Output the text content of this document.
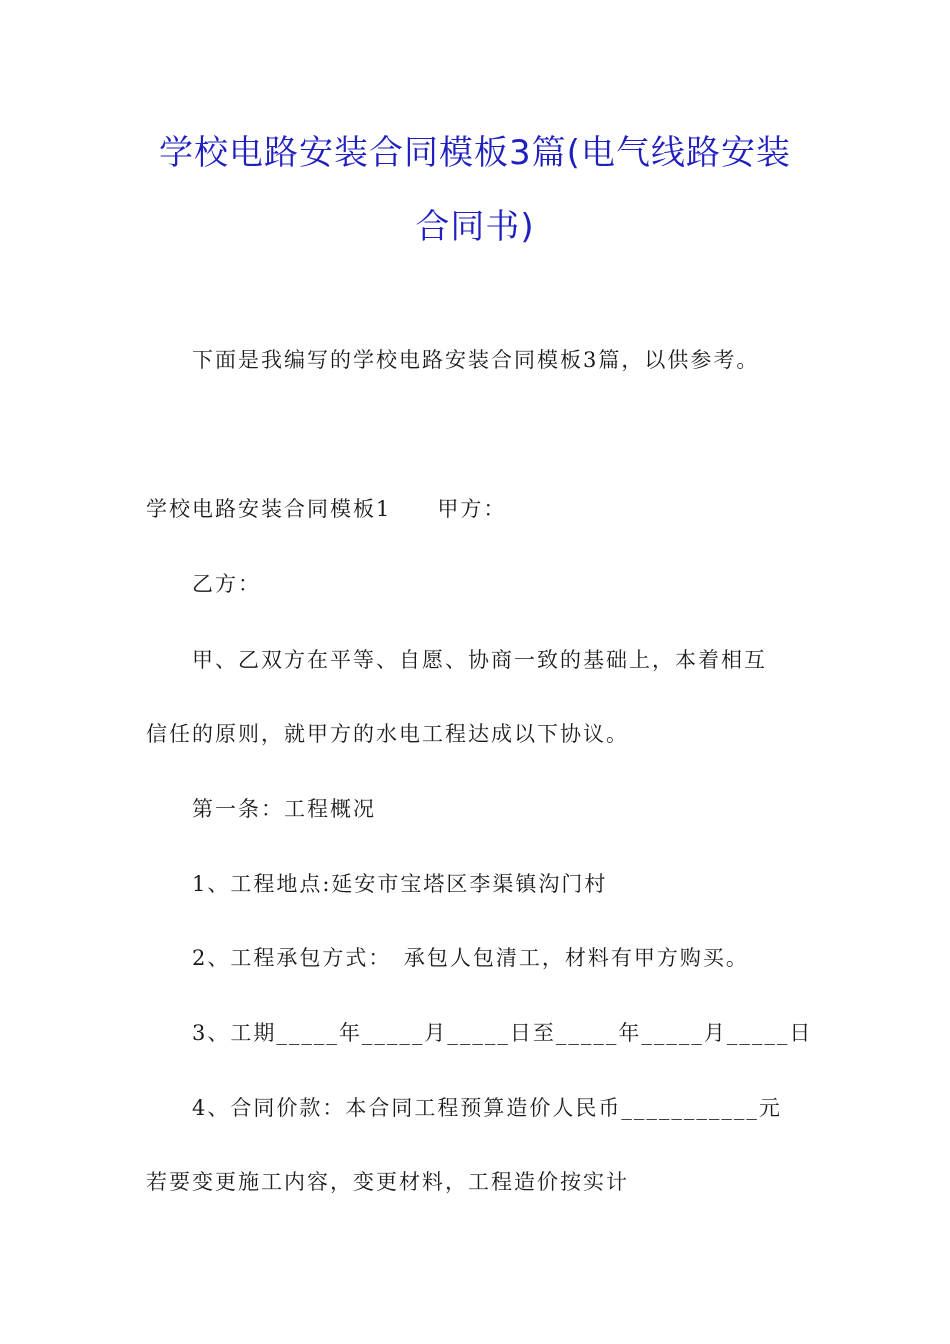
学校电路安装合同模板3篇(电气线路安装
合同书)

下面是我编写的学校电路安装合同模板3篇，以供参考。

学校电路安装合同模板1　　甲方：

乙方：

甲、乙双方在平等、自愿、协商一致的基础上，本着相互

信任的原则，就甲方的水电工程达成以下协议。

第一条：工程概况

1、工程地点:延安市宝塔区李渠镇沟门村

2、工程承包方式：　承包人包清工，材料有甲方购买。

3、工期_____年_____月_____日至_____年_____月_____日

4、合同价款：本合同工程预算造价人民币___________元

若要变更施工内容，变更材料，工程造价按实计
